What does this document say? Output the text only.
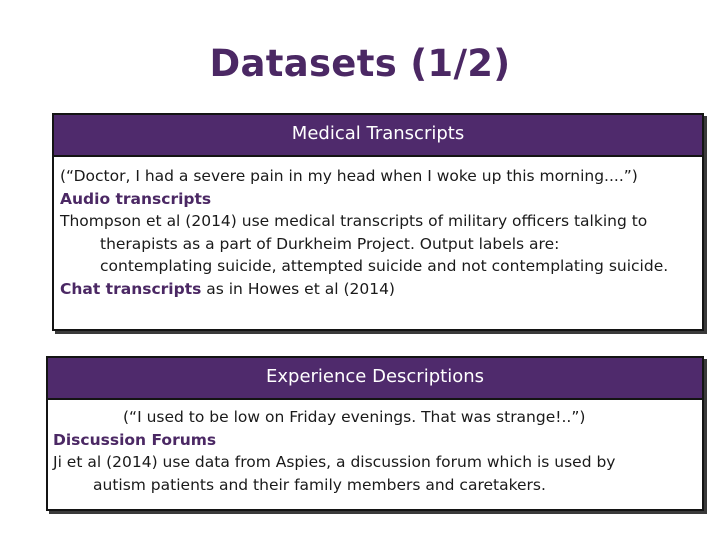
Datasets (1/2)
Medical Transcripts
(“Doctor, I had a severe pain in my head when I woke up this morning....”)
Audio transcripts
Thompson et al (2014) use medical transcripts of military officers talking to
therapists as a part of Durkheim Project. Output labels are:
contemplating suicide, attempted suicide and not contemplating suicide.
Chat transcripts as in Howes et al (2014)
Experience Descriptions
(“I used to be low on Friday evenings. That was strange!..”)
Discussion Forums
Ji et al (2014) use data from Aspies, a discussion forum which is used by
autism patients and their family members and caretakers.
